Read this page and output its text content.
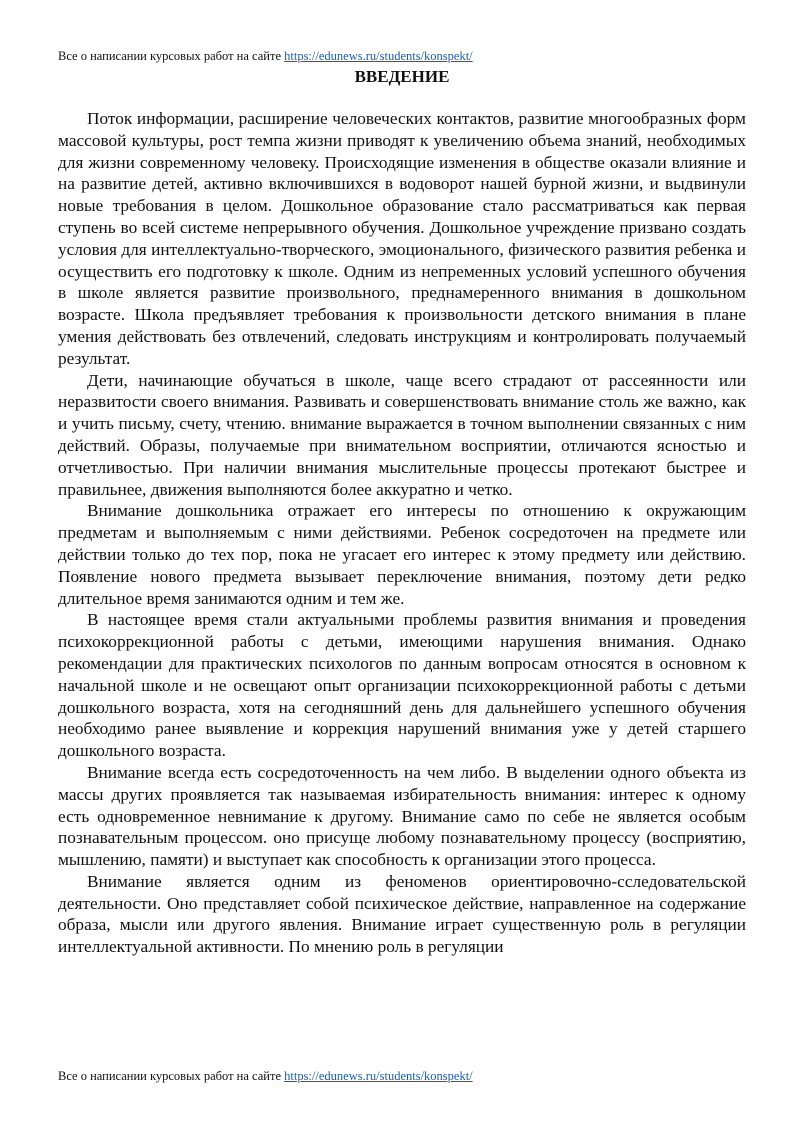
Все о написании курсовых работ на сайте https://edunews.ru/students/konspekt/
ВВЕДЕНИЕ

Поток информации, расширение человеческих контактов, развитие многообразных форм массовой культуры, рост темпа жизни приводят к увеличению объема знаний, необходимых для жизни современному человеку. Происходящие изменения в обществе оказали влияние и на развитие детей, активно включившихся в водоворот нашей бурной жизни, и выдвинули новые требования в целом. Дошкольное образование стало рассматриваться как первая ступень во всей системе непрерывного обучения. Дошкольное учреждение призвано создать условия для интеллектуально-творческого, эмоционального, физического развития ребенка и осуществить его подготовку к школе. Одним из непременных условий успешного обучения в школе является развитие произвольного, преднамеренного внимания в дошкольном возрасте. Школа предъявляет требования к произвольности детского внимания в плане умения действовать без отвлечений, следовать инструкциям и контролировать получаемый результат.

Дети, начинающие обучаться в школе, чаще всего страдают от рассеянности или неразвитости своего внимания. Развивать и совершенствовать внимание столь же важно, как и учить письму, счету, чтению. внимание выражается в точном выполнении связанных с ним действий. Образы, получаемые при внимательном восприятии, отличаются ясностью и отчетливостью. При наличии внимания мыслительные процессы протекают быстрее и правильнее, движения выполняются более аккуратно и четко.

Внимание дошкольника отражает его интересы по отношению к окружающим предметам и выполняемым с ними действиями. Ребенок сосредоточен на предмете или действии только до тех пор, пока не угасает его интерес к этому предмету или действию. Появление нового предмета вызывает переключение внимания, поэтому дети редко длительное время занимаются одним и тем же.

В настоящее время стали актуальными проблемы развития внимания и проведения психокоррекционной работы с детьми, имеющими нарушения внимания. Однако рекомендации для практических психологов по данным вопросам относятся в основном к начальной школе и не освещают опыт организации психокоррекционной работы с детьми дошкольного возраста, хотя на сегодняшний день для дальнейшего успешного обучения необходимо ранее выявление и коррекция нарушений внимания уже у детей старшего дошкольного возраста.

Внимание всегда есть сосредоточенность на чем либо. В выделении одного объекта из массы других проявляется так называемая избирательность внимания: интерес к одному есть одновременное невнимание к другому. Внимание само по себе не является особым познавательным процессом. оно присуще любому познавательному процессу (восприятию, мышлению, памяти) и выступает как способность к организации этого процесса.

Внимание является одним из феноменов ориентировочно-сследовательской деятельности. Оно представляет собой психическое действие, направленное на содержание образа, мысли или другого явления. Внимание играет существенную роль в регуляции интеллектуальной активности. По мнению роль в регуляции

Все о написании курсовых работ на сайте https://edunews.ru/students/konspekt/
